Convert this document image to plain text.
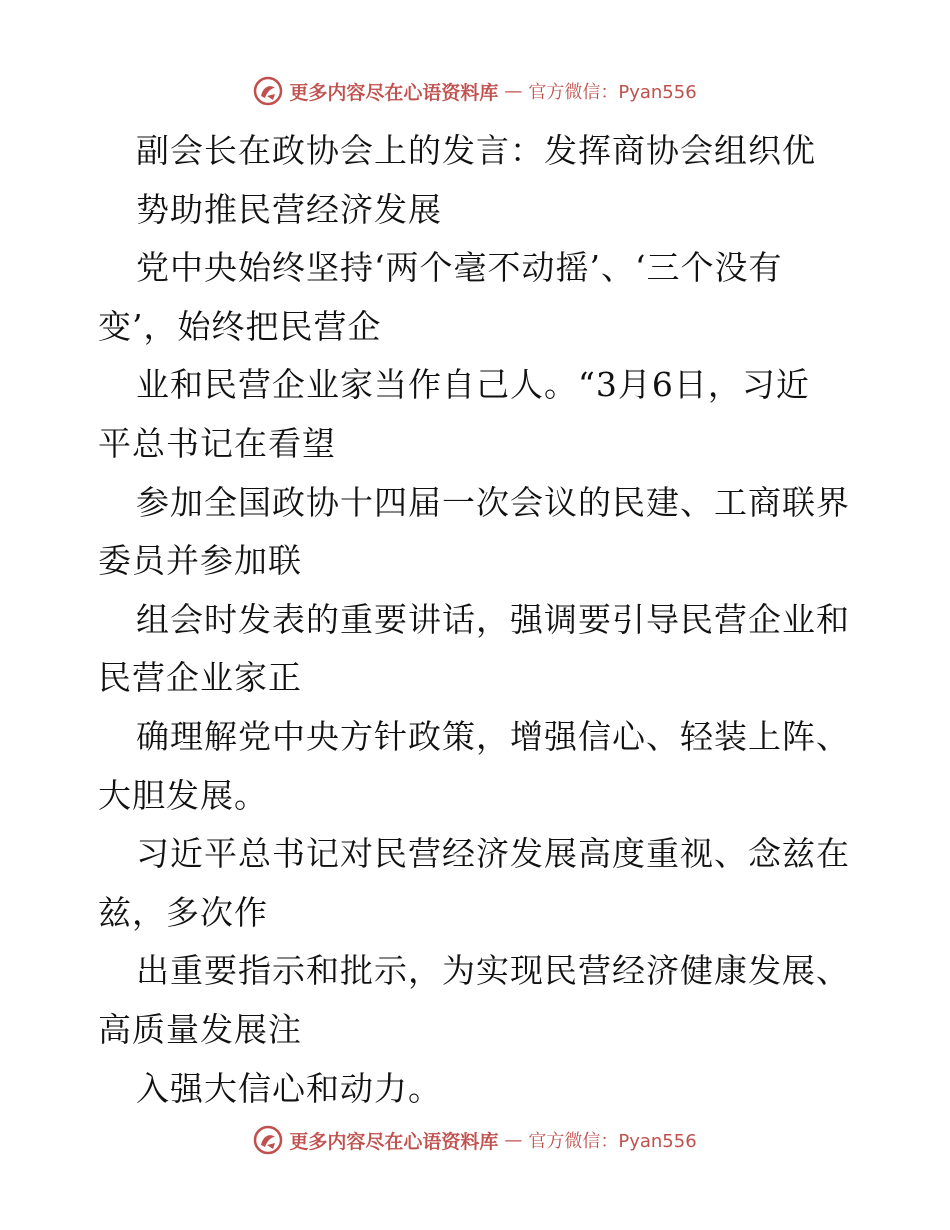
更多内容尽在心语资料库 — 官方微信：Pyan556
副会长在政协会上的发言：发挥商协会组织优
势助推民营经济发展
党中央始终坚持‘两个毫不动摇’、‘三个没有
变’，始终把民营企
业和民营企业家当作自己人。“3月6日，习近
平总书记在看望
参加全国政协十四届一次会议的民建、工商联界
委员并参加联
组会时发表的重要讲话，强调要引导民营企业和
民营企业家正
确理解党中央方针政策，增强信心、轻装上阵、
大胆发展。
习近平总书记对民营经济发展高度重视、念兹在
兹，多次作
出重要指示和批示，为实现民营经济健康发展、
高质量发展注
入强大信心和动力。
更多内容尽在心语资料库 — 官方微信：Pyan556
